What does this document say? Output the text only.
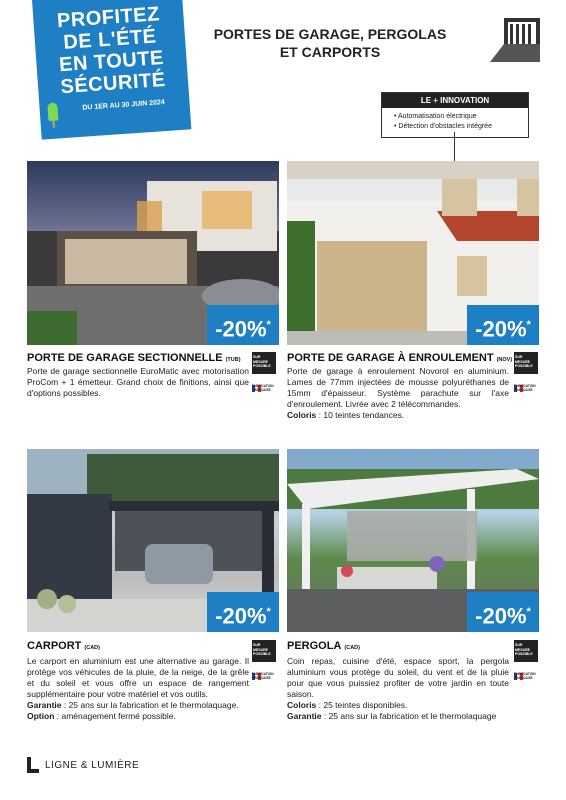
PROFITEZ
DE L'ÉTÉ
EN TOUTE
SÉCURITÉ
DU 1ER AU 30 JUIN 2024
PORTES DE GARAGE, PERGOLAS
ET CARPORTS
LE + INNOVATION
• Automatisation électrique
• Détection d'obstacles intégrée
-20%*	-20%*
PORTE DE GARAGE SECTIONNELLE (TUB)

Porte de garage sectionnelle EuroMatic avec motorisation ProCom + 1 émetteur. Grand choix de finitions, ainsi que d'options possibles.

SUR
MESURE
POSSIBLE
FABRICATION
FRANÇAISE
PORTE DE GARAGE À ENROULEMENT (NOV)

Porte de garage à enroulement Novorol en aluminium. Lames de 77mm injectées de mousse polyuréthanes de 15mm d'épaisseur. Système parachute sur l'axe d'enroulement. Livrée avec 2 télécommandes.

Coloris : 10 teintes tendances.

SUR
MESURE
POSSIBLE
FABRICATION
FRANÇAISE
-20%*	-20%*
CARPORT (CAD)

Le carport en aluminium est une alternative au garage. Il protège vos véhicules de la pluie, de la neige, de la grêle et du soleil et vous offre un espace de rangement supplémentaire pour votre matériel et vos outils.

Garantie : 25 ans sur la fabrication et le thermolaquage.

Option : aménagement fermé possible.

SUR
MESURE
POSSIBLE
FABRICATION
FRANÇAISE
PERGOLA (CAD)

Coin repas, cuisine d'été, espace sport, la pergola aluminium vous protège du soleil, du vent et de la pluie pour que vous puissiez profiter de votre jardin en toute saison.

Coloris : 25 teintes disponibles.

Garantie : 25 ans sur la fabrication et le thermolaquage

SUR
MESURE
POSSIBLE
FABRICATION
FRANÇAISE
LIGNE & LUMIÈRE
